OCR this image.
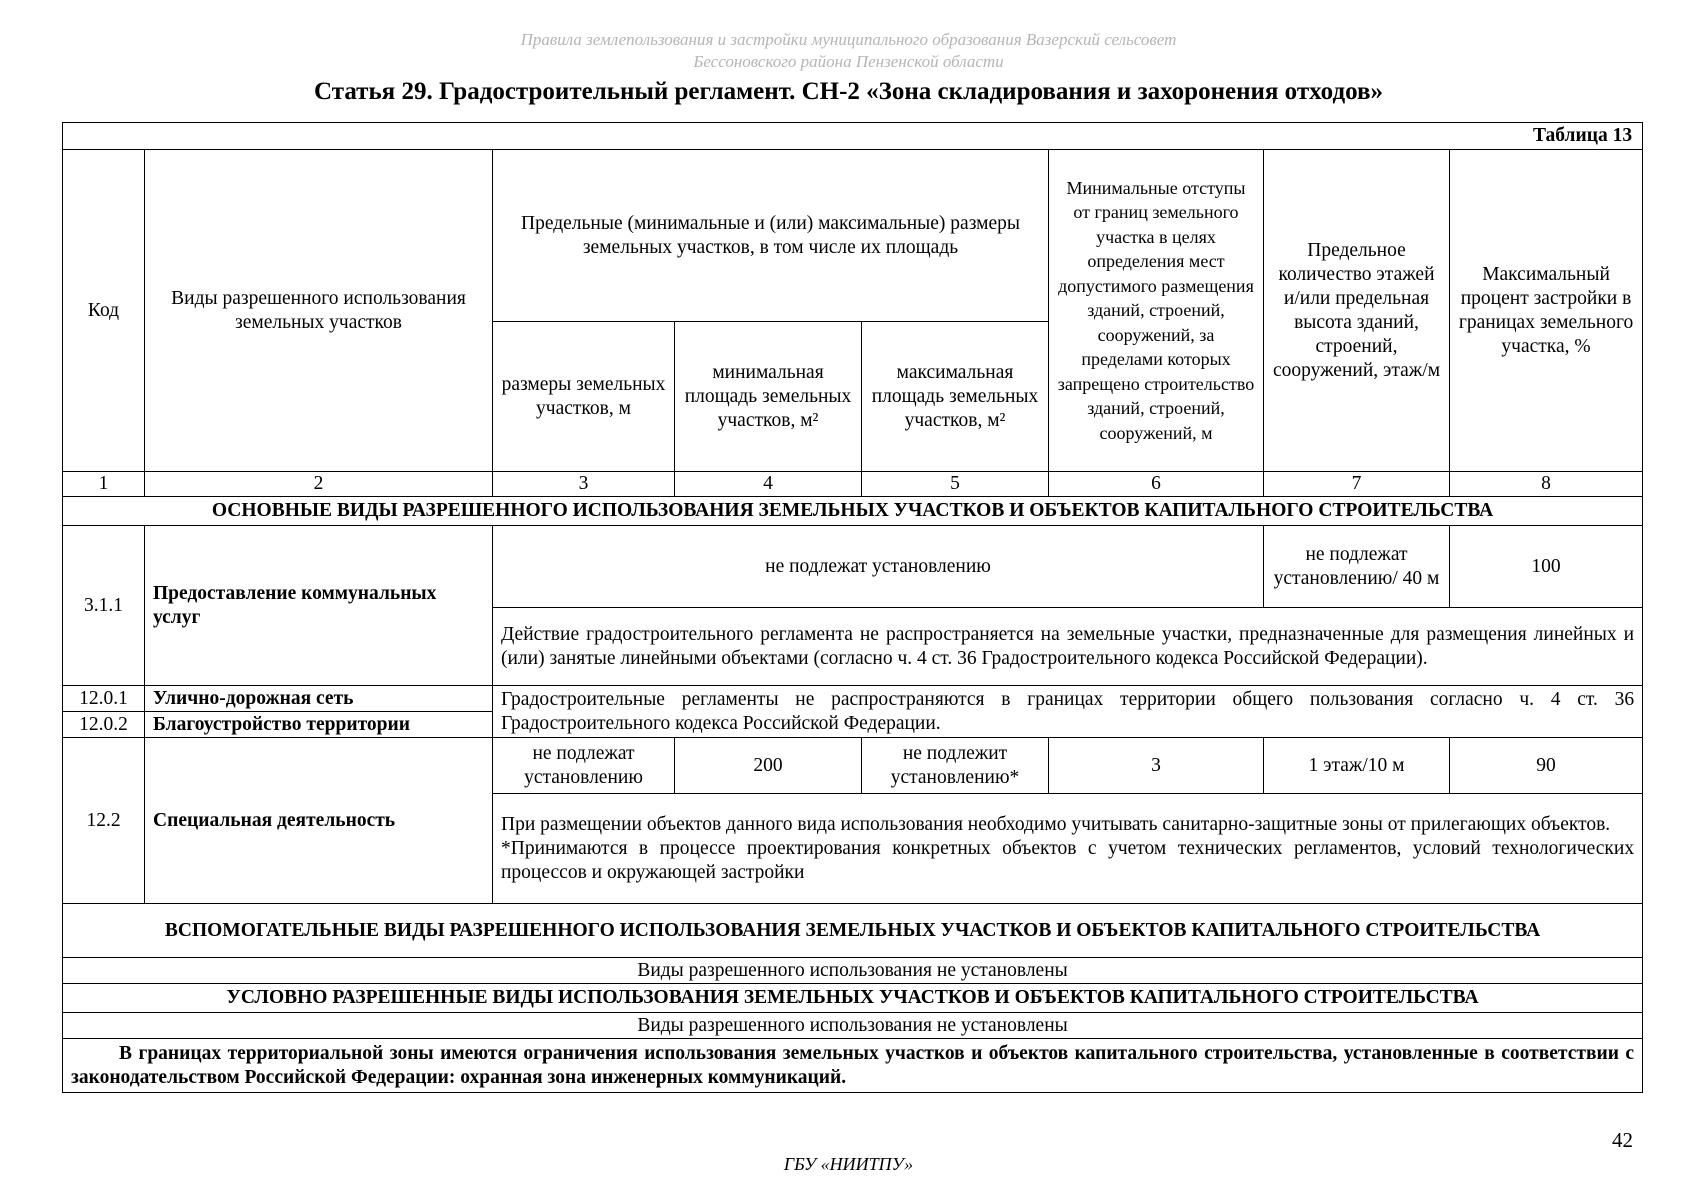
Правила землепользования и застройки муниципального образования Вазерский сельсовет
Бессоновского района Пензенской области
Статья 29. Градостроительный регламент. СН-2 «Зона складирования и захоронения отходов»
Таблица 13							
Код	Виды разрешенного использования земельных участков	Предельные (минимальные и (или) максимальные) размеры земельных участков, в том числе их площадь			Минимальные отступы от границ земельного участка в целях определения мест допустимого размещения зданий, строений, сооружений, за пределами которых запрещено строительство зданий, строений, сооружений, м	Предельное количество этажей и/или предельная высота зданий, строений, сооружений, этаж/м	Максимальный процент застройки в границах земельного участка, %
		размеры земельных участков, м	минимальная площадь земельных участков, м²	максимальная площадь земельных участков, м²			
1	2	3	4	5	6	7	8
ОСНОВНЫЕ ВИДЫ РАЗРЕШЕННОГО ИСПОЛЬЗОВАНИЯ ЗЕМЕЛЬНЫХ УЧАСТКОВ И ОБЪЕКТОВ КАПИТАЛЬНОГО СТРОИТЕЛЬСТВА							
3.1.1	Предоставление коммунальных услуг	не подлежат установлению				не подлежат установлению/ 40 м	100
		Действие градостроительного регламента не распространяется на земельные участки, предназначенные для размещения линейных и (или) занятые линейными объектами (согласно ч. 4 ст. 36 Градостроительного кодекса Российской Федерации).					
12.0.1	Улично-дорожная сеть	Градостроительные регламенты не распространяются в границах территории общего пользования согласно ч. 4 ст. 36 Градостроительного кодекса Российской Федерации.					
12.0.2	Благоустройство территории						
12.2	Специальная деятельность	не подлежат установлению	200	не подлежит установлению*	3	1 этаж/10 м	90

		При размещении объектов данного вида использования необходимо учитывать санитарно-защитные зоны от прилегающих объектов.
*Принимаются в процессе проектирования конкретных объектов с учетом технических регламентов, условий технологических процессов и окружающей застройки					

ВСПОМОГАТЕЛЬНЫЕ ВИДЫ РАЗРЕШЕННОГО ИСПОЛЬЗОВАНИЯ ЗЕМЕЛЬНЫХ УЧАСТКОВ И ОБЪЕКТОВ КАПИТАЛЬНОГО СТРОИТЕЛЬСТВА							
Виды разрешенного использования не установлены							
УСЛОВНО РАЗРЕШЕННЫЕ ВИДЫ ИСПОЛЬЗОВАНИЯ ЗЕМЕЛЬНЫХ УЧАСТКОВ И ОБЪЕКТОВ КАПИТАЛЬНОГО СТРОИТЕЛЬСТВА							
Виды разрешенного использования не установлены							
В границах территориальной зоны имеются ограничения использования земельных участков и объектов капитального строительства, установленные в соответствии с законодательством Российской Федерации: охранная зона инженерных коммуникаций.							
42
ГБУ «НИИТПУ»
